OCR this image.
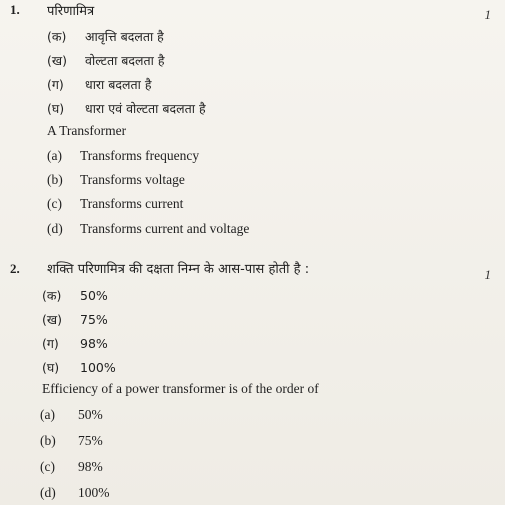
1.	1
परिणामित्र
(क) आवृत्ति बदलता है
(ख) वोल्टता बदलता है
(ग) धारा बदलता है
(घ) धारा एवं वोल्टता बदलता है
A Transformer
(a) Transforms frequency
(b) Transforms voltage
(c) Transforms current
(d) Transforms current and voltage
2.	1
शक्ति परिणामित्र की दक्षता निम्न के आस-पास होती है :
(क) 50%
(ख) 75%
(ग) 98%
(घ) 100%
Efficiency of a power transformer is of the order of
(a) 50%
(b) 75%
(c) 98%
(d) 100%
